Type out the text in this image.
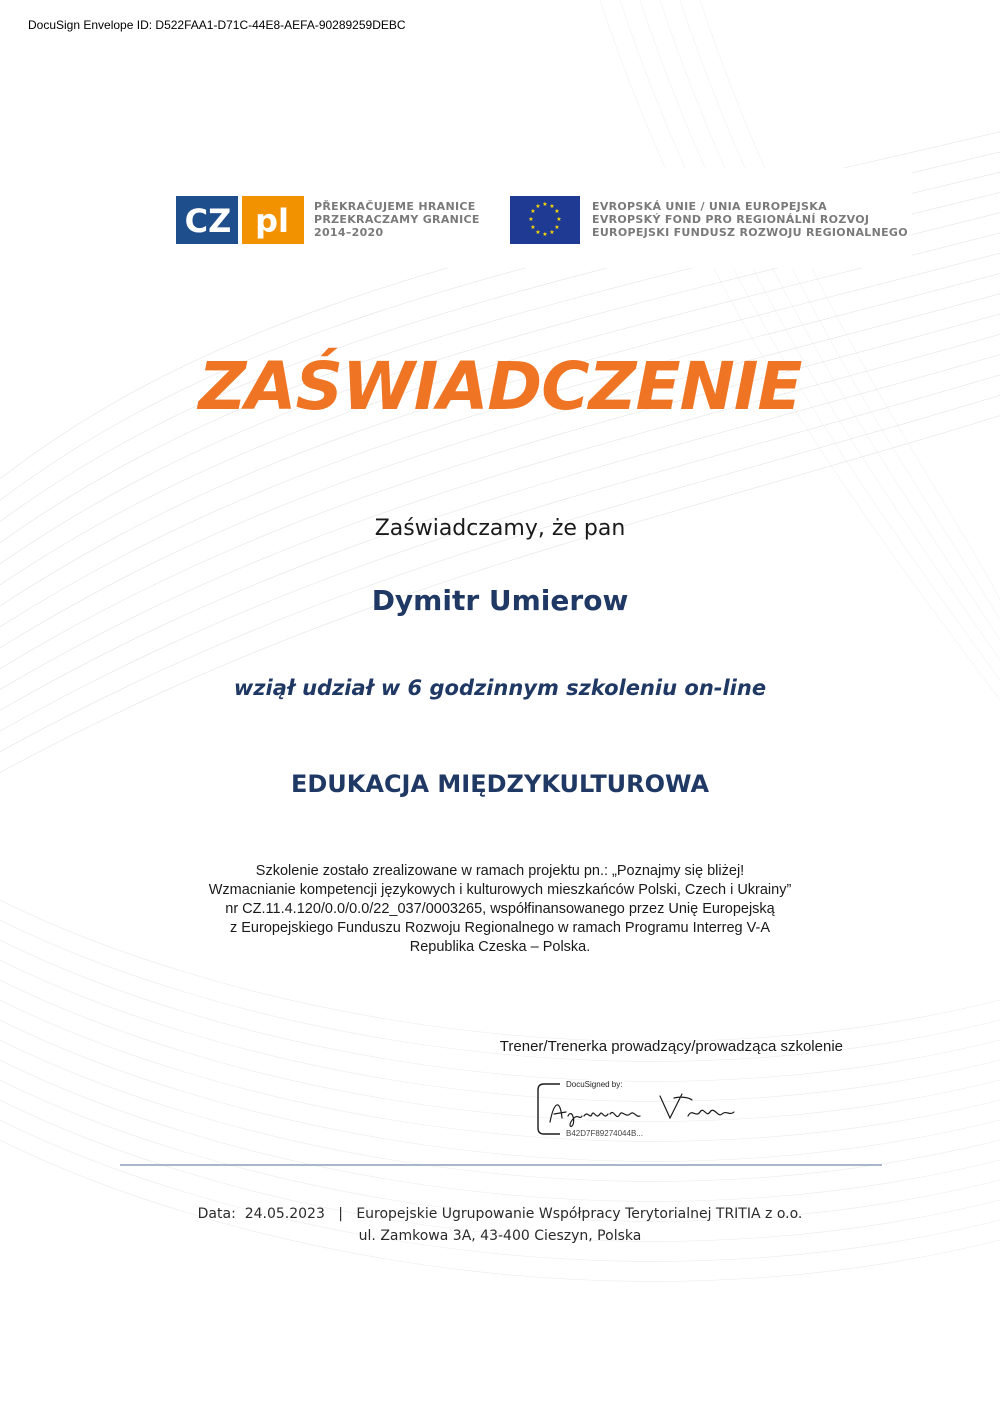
DocuSign Envelope ID: D522FAA1-D71C-44E8-AEFA-90289259DEBC
CZ pl PŘEKRAČUJEME HRANICE
PRZEKRACZAMY GRANICE
2014–2020
★ ★
★
★
★
★
★
★
★
★
★
★	EVROPSKÁ UNIE / UNIA EUROPEJSKA
EVROPSKÝ FOND PRO REGIONÁLNÍ ROZVOJ
EUROPEJSKI FUNDUSZ ROZWOJU REGIONALNEGO
ZAŚWIADCZENIE
Zaświadczamy, że pan
Dymitr Umierow
wziął udział w 6 godzinnym szkoleniu on-line
EDUKACJA MIĘDZYKULTUROWA
Szkolenie zostało zrealizowane w ramach projektu pn.: „Poznajmy się bliżej!
Wzmacnianie kompetencji językowych i kulturowych mieszkańców Polski, Czech i Ukrainy”
nr CZ.11.4.120/0.0/0.0/22_037/0003265, współfinansowanego przez Unię Europejską
z Europejskiego Funduszu Rozwoju Regionalnego w ramach Programu Interreg V-A
Republika Czeska – Polska.
Trener/Trenerka prowadzący/prowadząca szkolenie
DocuSigned by:
B42D7F89274044B...
Data: 24.05.2023 | Europejskie Ugrupowanie Współpracy Terytorialnej TRITIA z o.o.
ul. Zamkowa 3A, 43-400 Cieszyn, Polska
